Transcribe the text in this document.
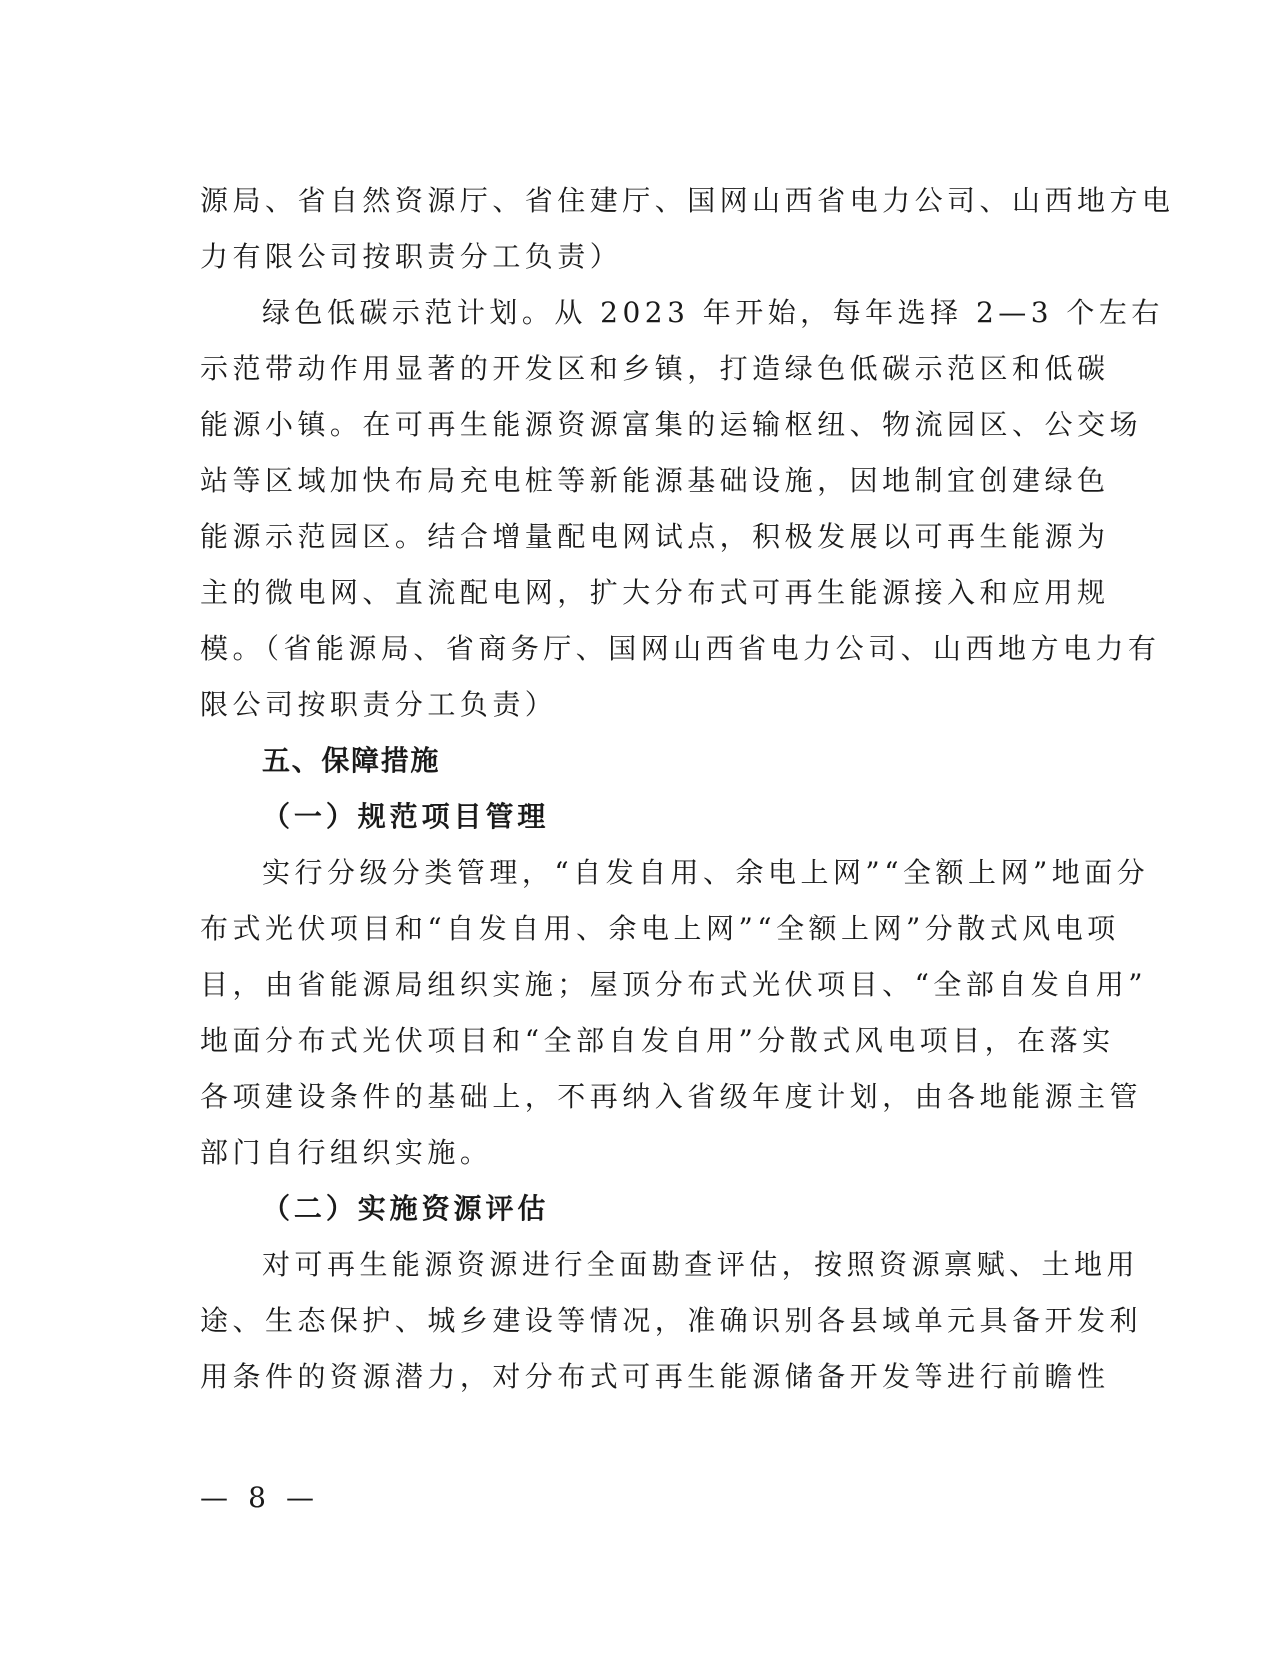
源局、省自然资源厅、省住建厅、国网山西省电力公司、山西地方电
力有限公司按职责分工负责）
绿色低碳示范计划。从 2023 年开始，每年选择 2—3 个左右
示范带动作用显著的开发区和乡镇，打造绿色低碳示范区和低碳
能源小镇。在可再生能源资源富集的运输枢纽、物流园区、公交场
站等区域加快布局充电桩等新能源基础设施，因地制宜创建绿色
能源示范园区。结合增量配电网试点，积极发展以可再生能源为
主的微电网、直流配电网，扩大分布式可再生能源接入和应用规
模。（省能源局、省商务厅、国网山西省电力公司、山西地方电力有
限公司按职责分工负责）
五、保障措施
（一）规范项目管理
实行分级分类管理，“自发自用、余电上网”“全额上网”地面分
布式光伏项目和“自发自用、余电上网”“全额上网”分散式风电项
目，由省能源局组织实施；屋顶分布式光伏项目、“全部自发自用”
地面分布式光伏项目和“全部自发自用”分散式风电项目，在落实
各项建设条件的基础上，不再纳入省级年度计划，由各地能源主管
部门自行组织实施。
（二）实施资源评估
对可再生能源资源进行全面勘查评估，按照资源禀赋、土地用
途、生态保护、城乡建设等情况，准确识别各县域单元具备开发利
用条件的资源潜力，对分布式可再生能源储备开发等进行前瞻性
— 8 —
